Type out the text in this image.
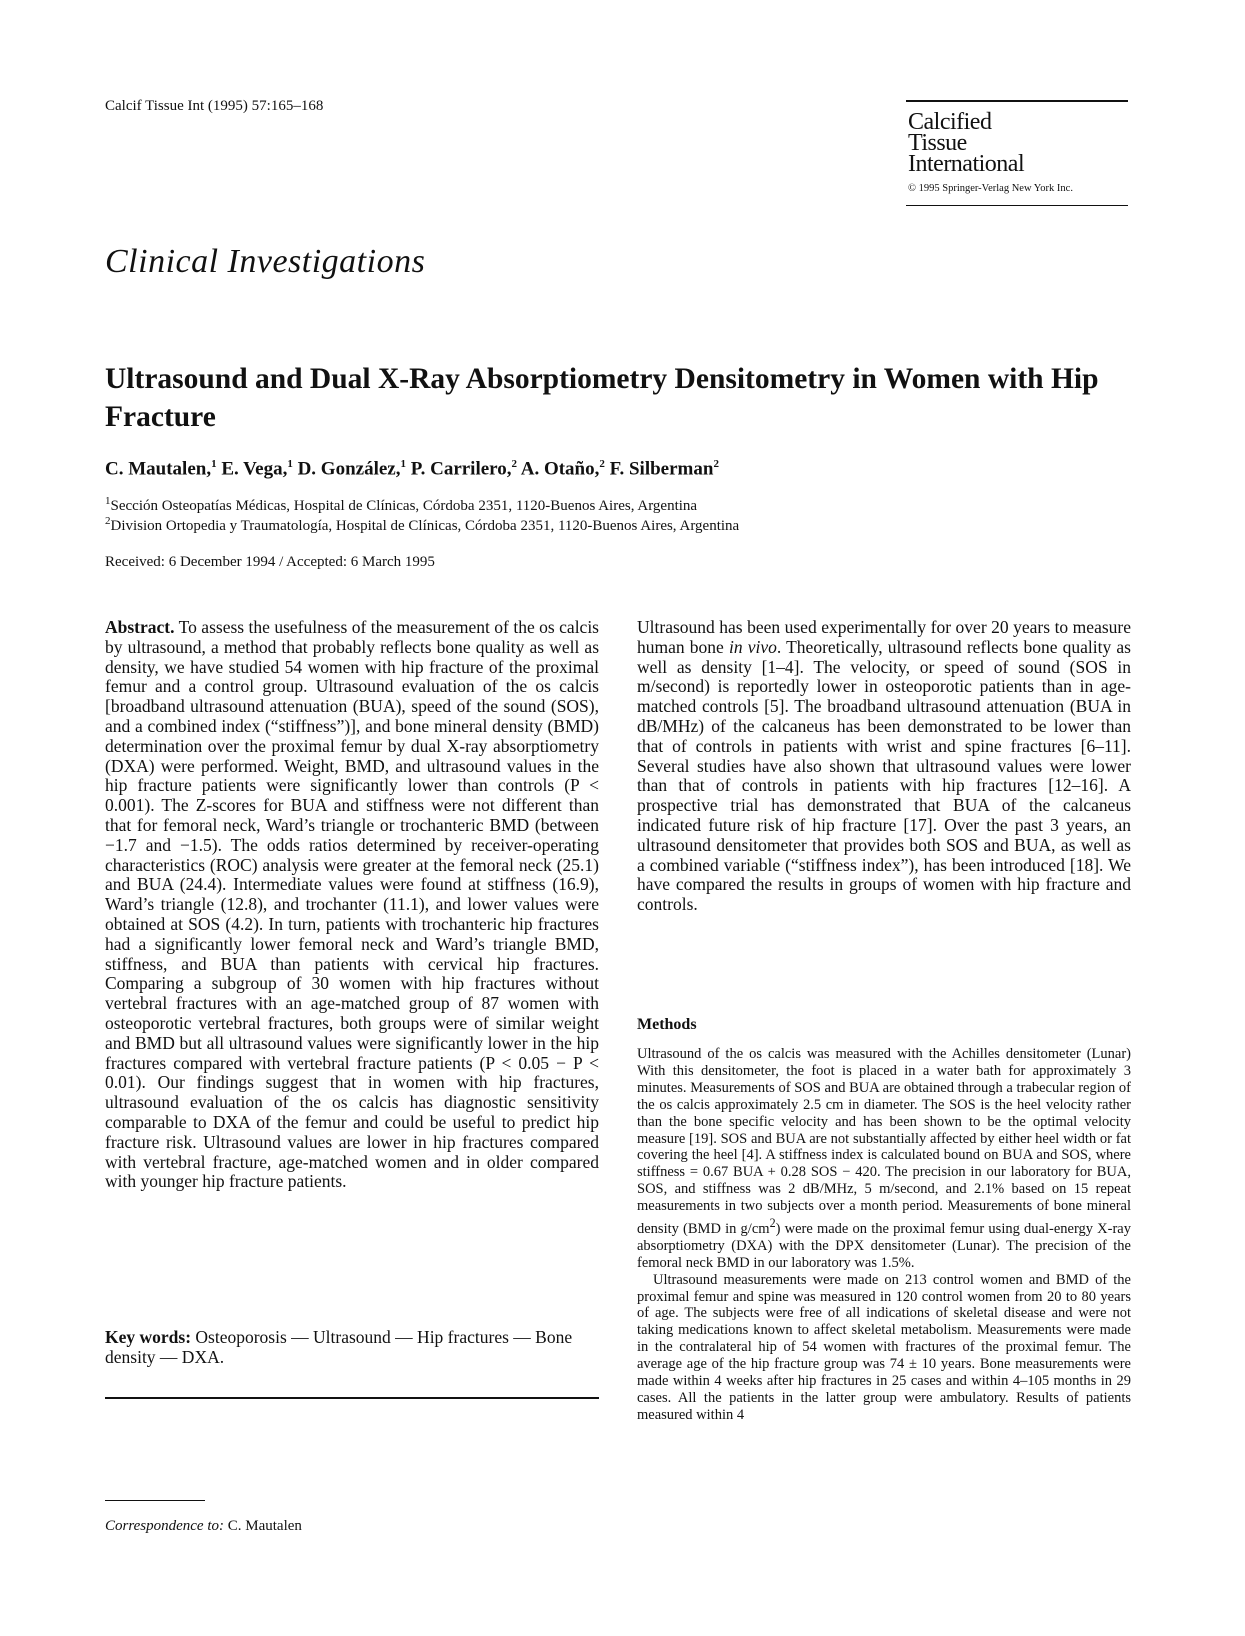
Calcif Tissue Int (1995) 57:165–168
Calcified
Tissue
International
© 1995 Springer-Verlag New York Inc.
Clinical Investigations
Ultrasound and Dual X-Ray Absorptiometry Densitometry in Women with Hip Fracture
C. Mautalen,$^1$ E. Vega,$^1$ D. González,$^1$ P. Carrilero,$^2$ A. Otaño,$^2$ F. Silberman$^2$
$^1$Sección Osteopatías Médicas, Hospital de Clínicas, Córdoba 2351, 1120-Buenos Aires, Argentina
$^2$Division Ortopedia y Traumatología, Hospital de Clínicas, Córdoba 2351, 1120-Buenos Aires, Argentina
Received: 6 December 1994 / Accepted: 6 March 1995
Abstract. To assess the usefulness of the measurement of the os calcis by ultrasound, a method that probably reflects bone quality as well as density, we have studied 54 women with hip fracture of the proximal femur and a control group. Ultrasound evaluation of the os calcis [broadband ultrasound attenuation (BUA), speed of the sound (SOS), and a combined index (“stiffness”)], and bone mineral density (BMD) determination over the proximal femur by dual X-ray absorptiometry (DXA) were performed. Weight, BMD, and ultrasound values in the hip fracture patients were significantly lower than controls (P < 0.001). The Z-scores for BUA and stiffness were not different than that for femoral neck, Ward’s triangle or trochanteric BMD (between −1.7 and −1.5). The odds ratios determined by receiver-operating characteristics (ROC) analysis were greater at the femoral neck (25.1) and BUA (24.4). Intermediate values were found at stiffness (16.9), Ward’s triangle (12.8), and trochanter (11.1), and lower values were obtained at SOS (4.2). In turn, patients with trochanteric hip fractures had a significantly lower femoral neck and Ward’s triangle BMD, stiffness, and BUA than patients with cervical hip fractures. Comparing a subgroup of 30 women with hip fractures without vertebral fractures with an age-matched group of 87 women with osteoporotic vertebral fractures, both groups were of similar weight and BMD but all ultrasound values were significantly lower in the hip fractures compared with vertebral fracture patients (P < 0.05 − P < 0.01). Our findings suggest that in women with hip fractures, ultrasound evaluation of the os calcis has diagnostic sensitivity comparable to DXA of the femur and could be useful to predict hip fracture risk. Ultrasound values are lower in hip fractures compared with vertebral fracture, age-matched women and in older compared with younger hip fracture patients.
Key words: Osteoporosis — Ultrasound — Hip fractures — Bone density — DXA.
Correspondence to: C. Mautalen
Ultrasound has been used experimentally for over 20 years to measure human bone in vivo. Theoretically, ultrasound reflects bone quality as well as density [1–4]. The velocity, or speed of sound (SOS in m/second) is reportedly lower in osteoporotic patients than in age-matched controls [5]. The broadband ultrasound attenuation (BUA in dB/MHz) of the calcaneus has been demonstrated to be lower than that of controls in patients with wrist and spine fractures [6–11]. Several studies have also shown that ultrasound values were lower than that of controls in patients with hip fractures [12–16]. A prospective trial has demonstrated that BUA of the calcaneus indicated future risk of hip fracture [17]. Over the past 3 years, an ultrasound densitometer that provides both SOS and BUA, as well as a combined variable (“stiffness index”), has been introduced [18]. We have compared the results in groups of women with hip fracture and controls.
Methods

Ultrasound of the os calcis was measured with the Achilles densitometer (Lunar) With this densitometer, the foot is placed in a water bath for approximately 3 minutes. Measurements of SOS and BUA are obtained through a trabecular region of the os calcis approximately 2.5 cm in diameter. The SOS is the heel velocity rather than the bone specific velocity and has been shown to be the optimal velocity measure [19]. SOS and BUA are not substantially affected by either heel width or fat covering the heel [4]. A stiffness index is calculated bound on BUA and SOS, where stiffness = 0.67 BUA + 0.28 SOS − 420. The precision in our laboratory for BUA, SOS, and stiffness was 2 dB/MHz, 5 m/second, and 2.1% based on 15 repeat measurements in two subjects over a month period. Measurements of bone mineral density (BMD in $g/cm^2$) were made on the proximal femur using dual-energy X-ray absorptiometry (DXA) with the DPX densitometer (Lunar). The precision of the femoral neck BMD in our laboratory was 1.5%.

Ultrasound measurements were made on 213 control women and BMD of the proximal femur and spine was measured in 120 control women from 20 to 80 years of age. The subjects were free of all indications of skeletal disease and were not taking medications known to affect skeletal metabolism. Measurements were made in the contralateral hip of 54 women with fractures of the proximal femur. The average age of the hip fracture group was 74 ± 10 years. Bone measurements were made within 4 weeks after hip fractures in 25 cases and within 4–105 months in 29 cases. All the patients in the latter group were ambulatory. Results of patients measured within 4
